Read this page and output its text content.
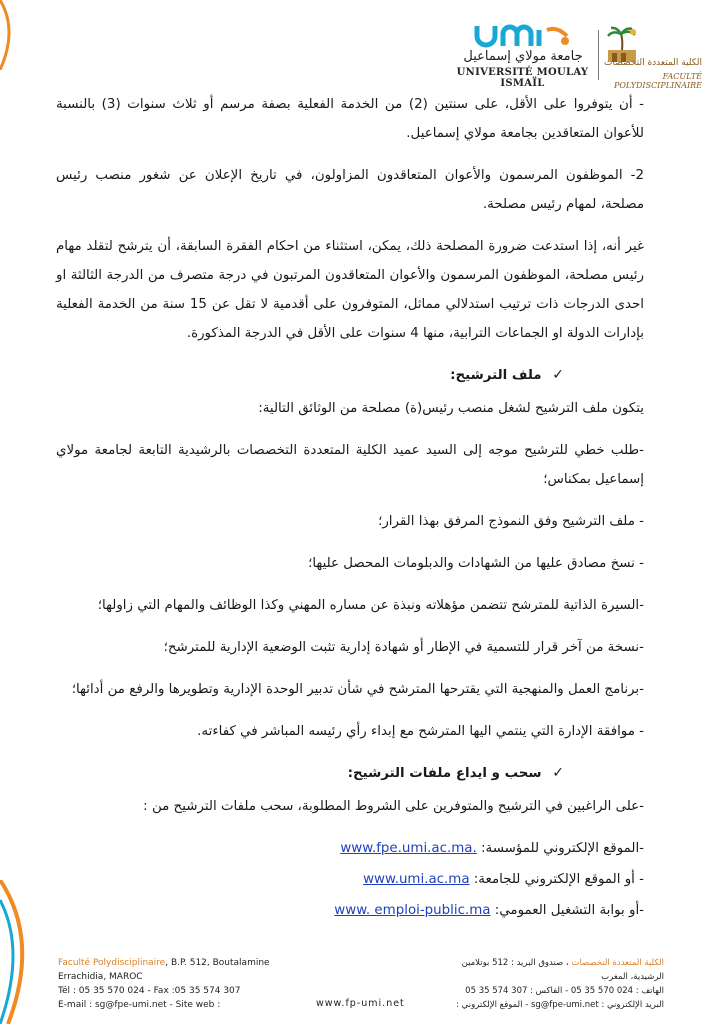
جامعة مولاي إسماعيل
UNIVERSITÉ MOULAY ISMAÏL
الكلية المتعددة التخصصات
FACULTÉ POLYDISCIPLINAIRE

- أن يتوفروا على الأقل، على سنتين (2) من الخدمة الفعلية بصفة مرسم أو ثلاث سنوات (3) بالنسبة للأعوان المتعاقدين بجامعة مولاي إسماعيل.

2- الموظفون المرسمون والأعوان المتعاقدون المزاولون، في تاريخ الإعلان عن شغور منصب رئيس مصلحة، لمهام رئيس مصلحة.

غير أنه، إذا استدعت ضرورة المصلحة ذلك، يمكن، استثناء من احكام الفقرة السابقة، أن يترشح لتقلد مهام رئيس مصلحة، الموظفون المرسمون والأعوان المتعاقدون المرتبون في درجة متصرف من الدرجة الثالثة او احدى الدرجات ذات ترتيب استدلالي مماثل، المتوفرون على أقدمية لا تقل عن 15 سنة من الخدمة الفعلية بإدارات الدولة او الجماعات الترابية، منها 4 سنوات على الأقل في الدرجة المذكورة.

✓ ملف الترشيح:

يتكون ملف الترشيح لشغل منصب رئيس(ة) مصلحة من الوثائق التالية:

-طلب خطي للترشيح موجه إلى السيد عميد الكلية المتعددة التخصصات بالرشيدية التابعة لجامعة مولاي إسماعيل بمكناس؛

- ملف الترشيح وفق النموذج المرفق بهذا القرار؛

- نسخ مصادق عليها من الشهادات والدبلومات المحصل عليها؛

-السيرة الذاتية للمترشح تتضمن مؤهلاته ونبذة عن مساره المهني وكذا الوظائف والمهام التي زاولها؛

-نسخة من آخر قرار للتسمية في الإطار أو شهادة إدارية تثبت الوضعية الإدارية للمترشح؛

-برنامج العمل والمنهجية التي يقترحها المترشح في شأن تدبير الوحدة الإدارية وتطويرها والرفع من أدائها؛

- موافقة الإدارة التي ينتمي اليها المترشح مع إبداء رأي رئيسه المباشر في كفاءته.

✓ سحب و ايداع ملفات الترشيح:

-على الراغبين في الترشيح والمتوفرين على الشروط المطلوبة، سحب ملفات الترشيح من :

-الموقع الإلكتروني للمؤسسة: www.fpe.umi.ac.ma.

- أو الموقع الإلكتروني للجامعة: www.umi.ac.ma

-أو بوابة التشغيل العمومي: www. emploi-public.ma

Faculté Polydisciplinaire, B.P. 512, Boutalamine
Errachidia, MAROC
Tél : 05 35 570 024 - Fax :05 35 574 307
E-mail : sg@fpe-umi.net - Site web :	www.fp-umi.net
الكلية المتعددة التخصصات ، صندوق البريد : 512 بوتلامين
الرشيدية، المغرب
الهاتف : 024 570 35 05 - الفاكس : 307 574 35 05
البريد الإلكتروني : sg@fpe-umi.net - الموقع الإلكتروني :
